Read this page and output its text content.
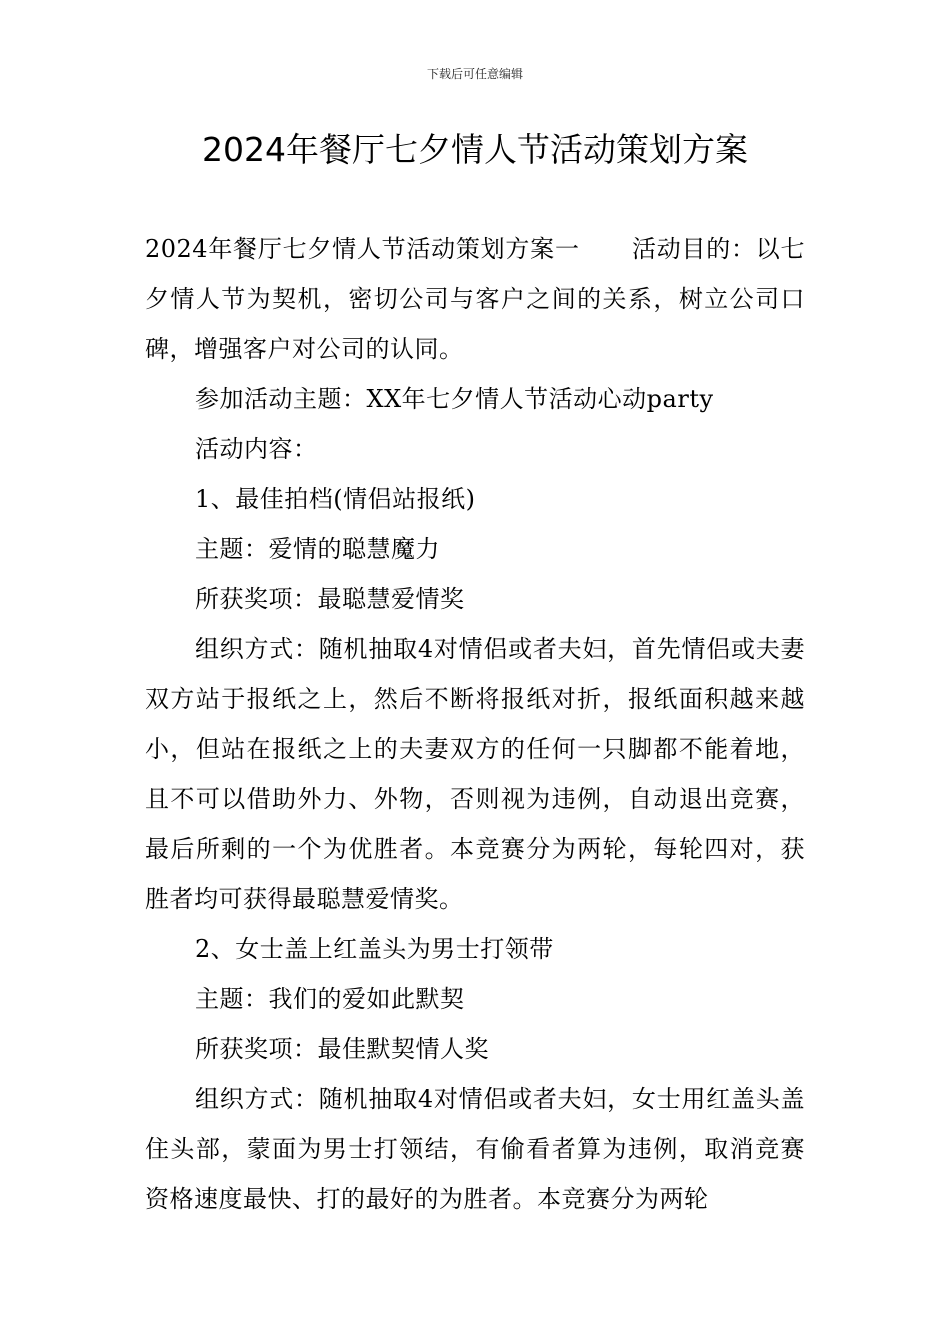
下载后可任意编辑
2024年餐厅七夕情人节活动策划方案

2024年餐厅七夕情人节活动策划方案一 活动目的：以七夕情人节为契机，密切公司与客户之间的关系，树立公司口碑，增强客户对公司的认同。

参加活动主题：XX年七夕情人节活动心动party

活动内容：

1、最佳拍档(情侣站报纸)

主题：爱情的聪慧魔力

所获奖项：最聪慧爱情奖

组织方式：随机抽取4对情侣或者夫妇，首先情侣或夫妻双方站于报纸之上，然后不断将报纸对折，报纸面积越来越小，但站在报纸之上的夫妻双方的任何一只脚都不能着地，且不可以借助外力、外物，否则视为违例，自动退出竞赛，最后所剩的一个为优胜者。本竞赛分为两轮，每轮四对，获胜者均可获得最聪慧爱情奖。

2、女士盖上红盖头为男士打领带

主题：我们的爱如此默契

所获奖项：最佳默契情人奖

组织方式：随机抽取4对情侣或者夫妇，女士用红盖头盖住头部，蒙面为男士打领结，有偷看者算为违例，取消竞赛资格速度最快、打的最好的为胜者。本竞赛分为两轮
